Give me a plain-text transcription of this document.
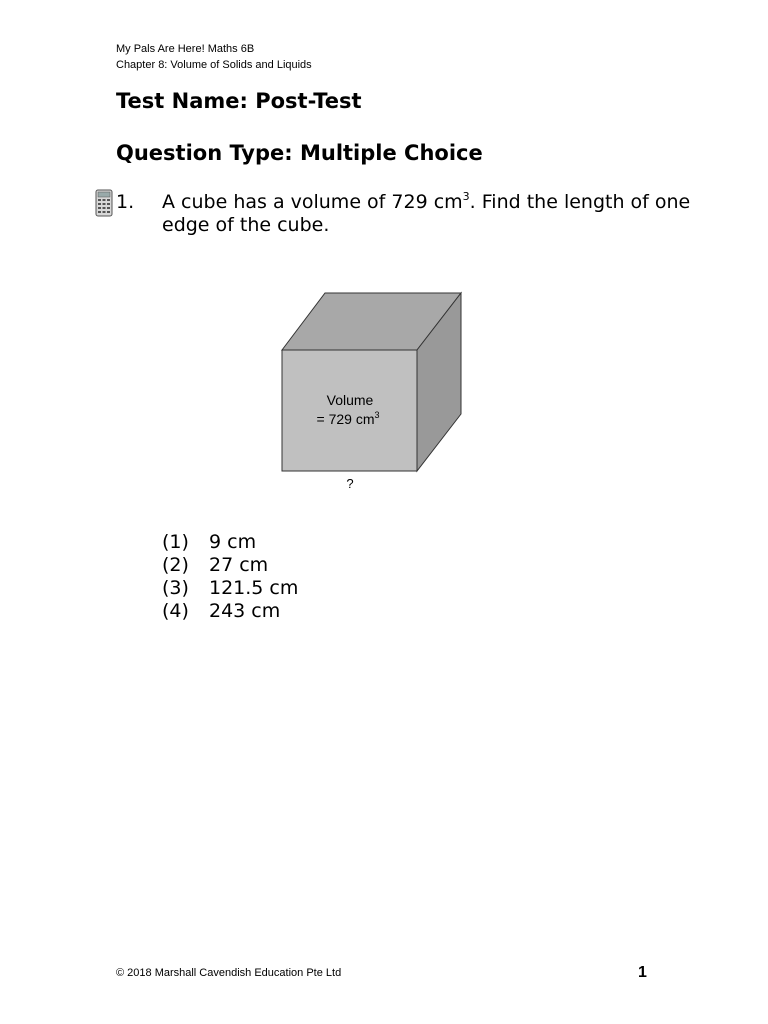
My Pals Are Here! Maths 6B
Chapter 8: Volume of Solids and Liquids
Test Name: Post-Test
Question Type: Multiple Choice
1. A cube has a volume of 729 $cm^3$. Find the length of one edge of the cube.
Volume
= 729 $cm^3$
?
(1)	9 cm
(2)	27 cm
(3)	121.5 cm
(4)	243 cm
© 2018 Marshall Cavendish Education Pte Ltd	1
